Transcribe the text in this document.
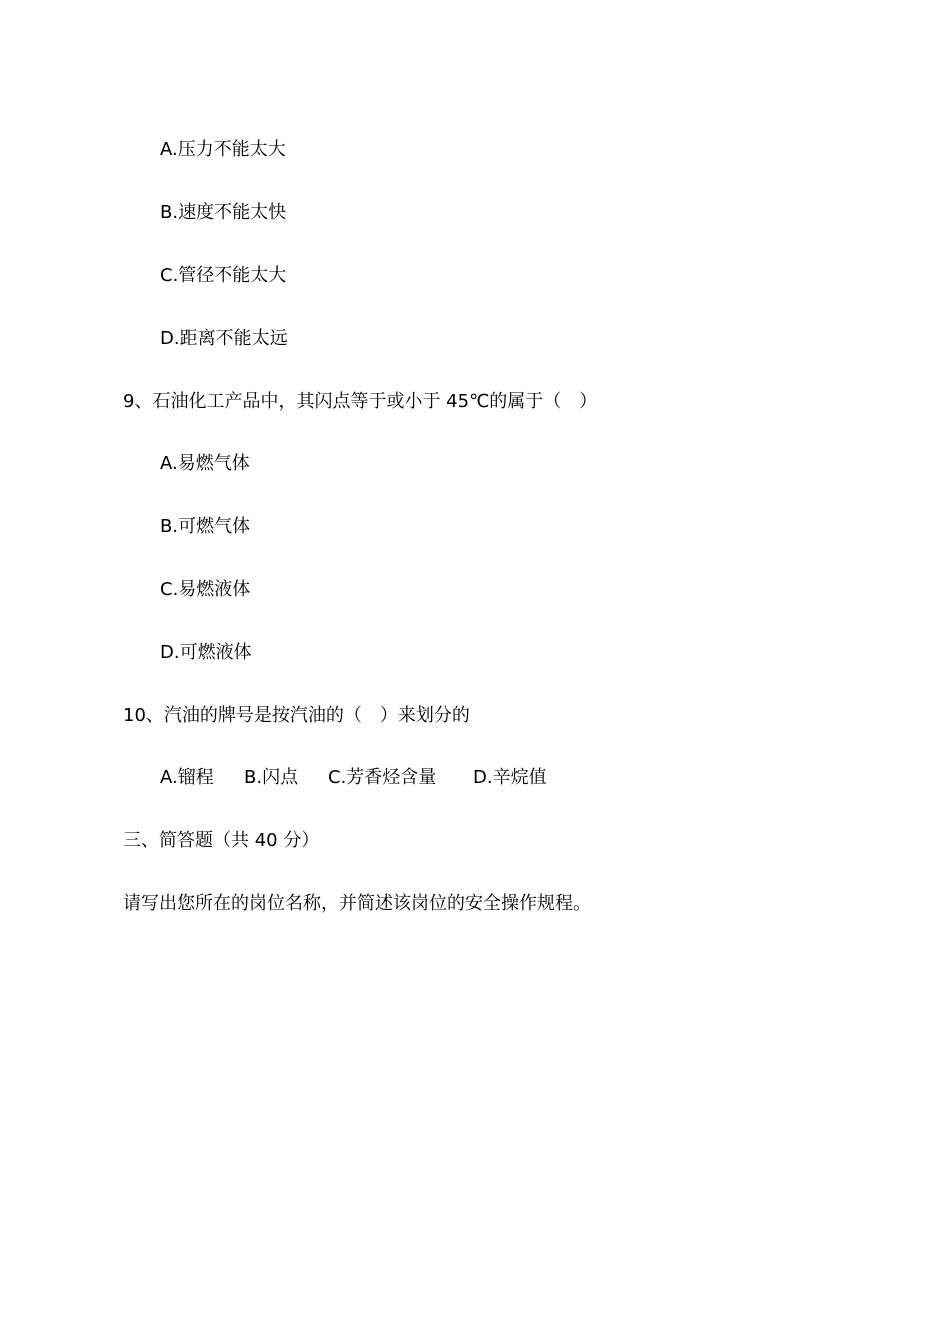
A.压力不能太大
B.速度不能太快
C.管径不能太大
D.距离不能太远
9、石油化工产品中，其闪点等于或小于 45℃的属于（　）
A.易燃气体
B.可燃气体
C.易燃液体
D.可燃液体
10、汽油的牌号是按汽油的（　）来划分的
A.镏程 B.闪点 C.芳香烃含量 D.辛烷值
三、简答题（共 40 分）
请写出您所在的岗位名称，并简述该岗位的安全操作规程。
